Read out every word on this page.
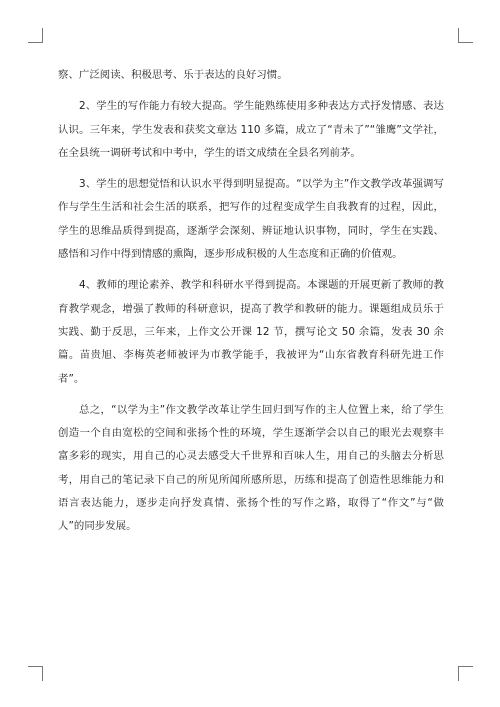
察、广泛阅读、积极思考、乐于表达的良好习惯。

2、学生的写作能力有较大提高。学生能熟练使用多种表达方式抒发情感、表达认识。三年来，学生发表和获奖文章达 110 多篇，成立了“青未了”“雏鹰”文学社，在全县统一调研考试和中考中，学生的语文成绩在全县名列前茅。

3、学生的思想觉悟和认识水平得到明显提高。“以学为主”作文教学改革强调写作与学生生活和社会生活的联系，把写作的过程变成学生自我教育的过程，因此，学生的思维品质得到提高，逐渐学会深刻、辨证地认识事物，同时，学生在实践、感悟和习作中得到情感的熏陶，逐步形成积极的人生态度和正确的价值观。

4、教师的理论素养、教学和科研水平得到提高。本课题的开展更新了教师的教育教学观念，增强了教师的科研意识，提高了教学和教研的能力。课题组成员乐于实践、勤于反思，三年来，上作文公开课 12 节，撰写论文 50 余篇，发表 30 余篇。苗贵旭、李梅英老师被评为市教学能手，我被评为“山东省教育科研先进工作者”。

总之，“以学为主”作文教学改革让学生回归到写作的主人位置上来，给了学生创造一个自由宽松的空间和张扬个性的环境，学生逐渐学会以自己的眼光去观察丰富多彩的现实，用自己的心灵去感受大千世界和百味人生，用自己的头脑去分析思考，用自己的笔记录下自己的所见所闻所感所思，历练和提高了创造性思维能力和语言表达能力，逐步走向抒发真情、张扬个性的写作之路，取得了“作文”与“做人”的同步发展。
